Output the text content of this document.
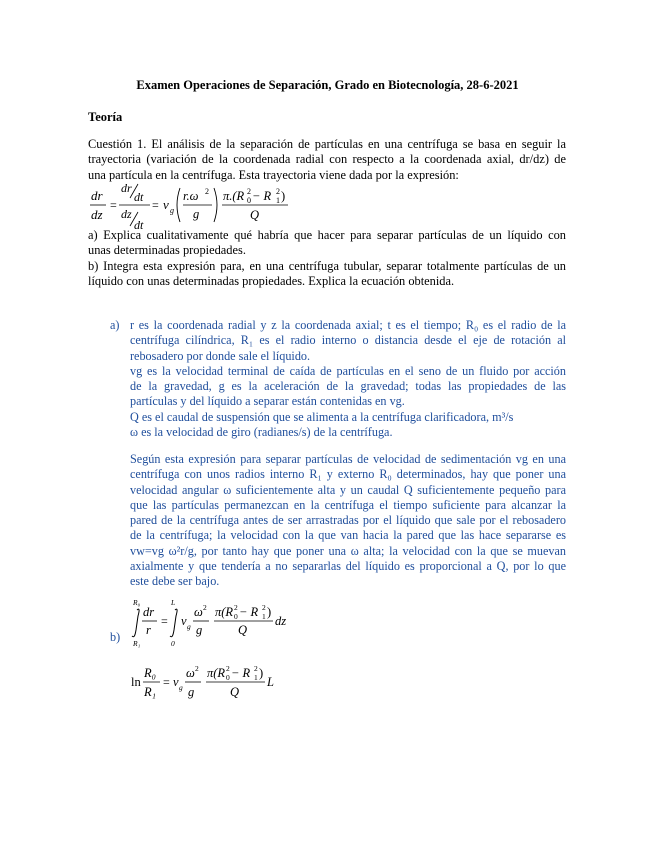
Examen Operaciones de Separación, Grado en Biotecnología, 28-6-2021
Teoría
Cuestión 1. El análisis de la separación de partículas en una centrífuga se basa en seguir la
trayectoria (variación de la coordenada radial con respecto a la coordenada axial, dr/dz) de
una partícula en la centrífuga. Esta trayectoria viene dada por la expresión:
dr
dz
=
dr
dt
dz
dt
= v g
r.ω 2
g
π.(R 2
0 − R 2
1 )
Q
a) Explica cualitativamente qué habría que hacer para separar partículas de un líquido con
unas determinadas propiedades.
b) Integra esta expresión para, en una centrífuga tubular, separar totalmente partículas de un
líquido con unas determinadas propiedades. Explica la ecuación obtenida.
a) r es la coordenada radial y z la coordenada axial; t es el tiempo; R₀ es el radio de la
centrífuga cilíndrica, R₁ es el radio interno o distancia desde el eje de rotación al
rebosadero por donde sale el líquido.
vg es la velocidad terminal de caída de partículas en el seno de un fluido por acción
de la gravedad, g es la aceleración de la gravedad; todas las propiedades de las
partículas y del líquido a separar están contenidas en vg.
Q es el caudal de suspensión que se alimenta a la centrífuga clarificadora, m³/s
ω es la velocidad de giro (radianes/s) de la centrífuga.
Según esta expresión para separar partículas de velocidad de sedimentación vg en una
centrífuga con unos radios interno R₁ y externo R₀ determinados, hay que poner una
velocidad angular ω suficientemente alta y un caudal Q suficientemente pequeño para
que las partículas permanezcan en la centrífuga el tiempo suficiente para alcanzar la
pared de la centrífuga antes de ser arrastradas por el líquido que sale por el rebosadero
de la centrífuga; la velocidad con la que van hacia la pared que las hace separarse es
vw=vg ω²r/g, por tanto hay que poner una ω alta; la velocidad con la que se muevan
axialmente y que tendería a no separarlas del líquido es proporcional a Q, por lo que
este debe ser bajo.
b)
R₀
R₁
dr
r
=
L
0
v g
ω 2
g
π(R 2
0 − R 2
1 )
Q
dz
ln
R₀
R₁
= v g
ω 2
g
π(R 2
0 − R 2
1 )
Q
L
